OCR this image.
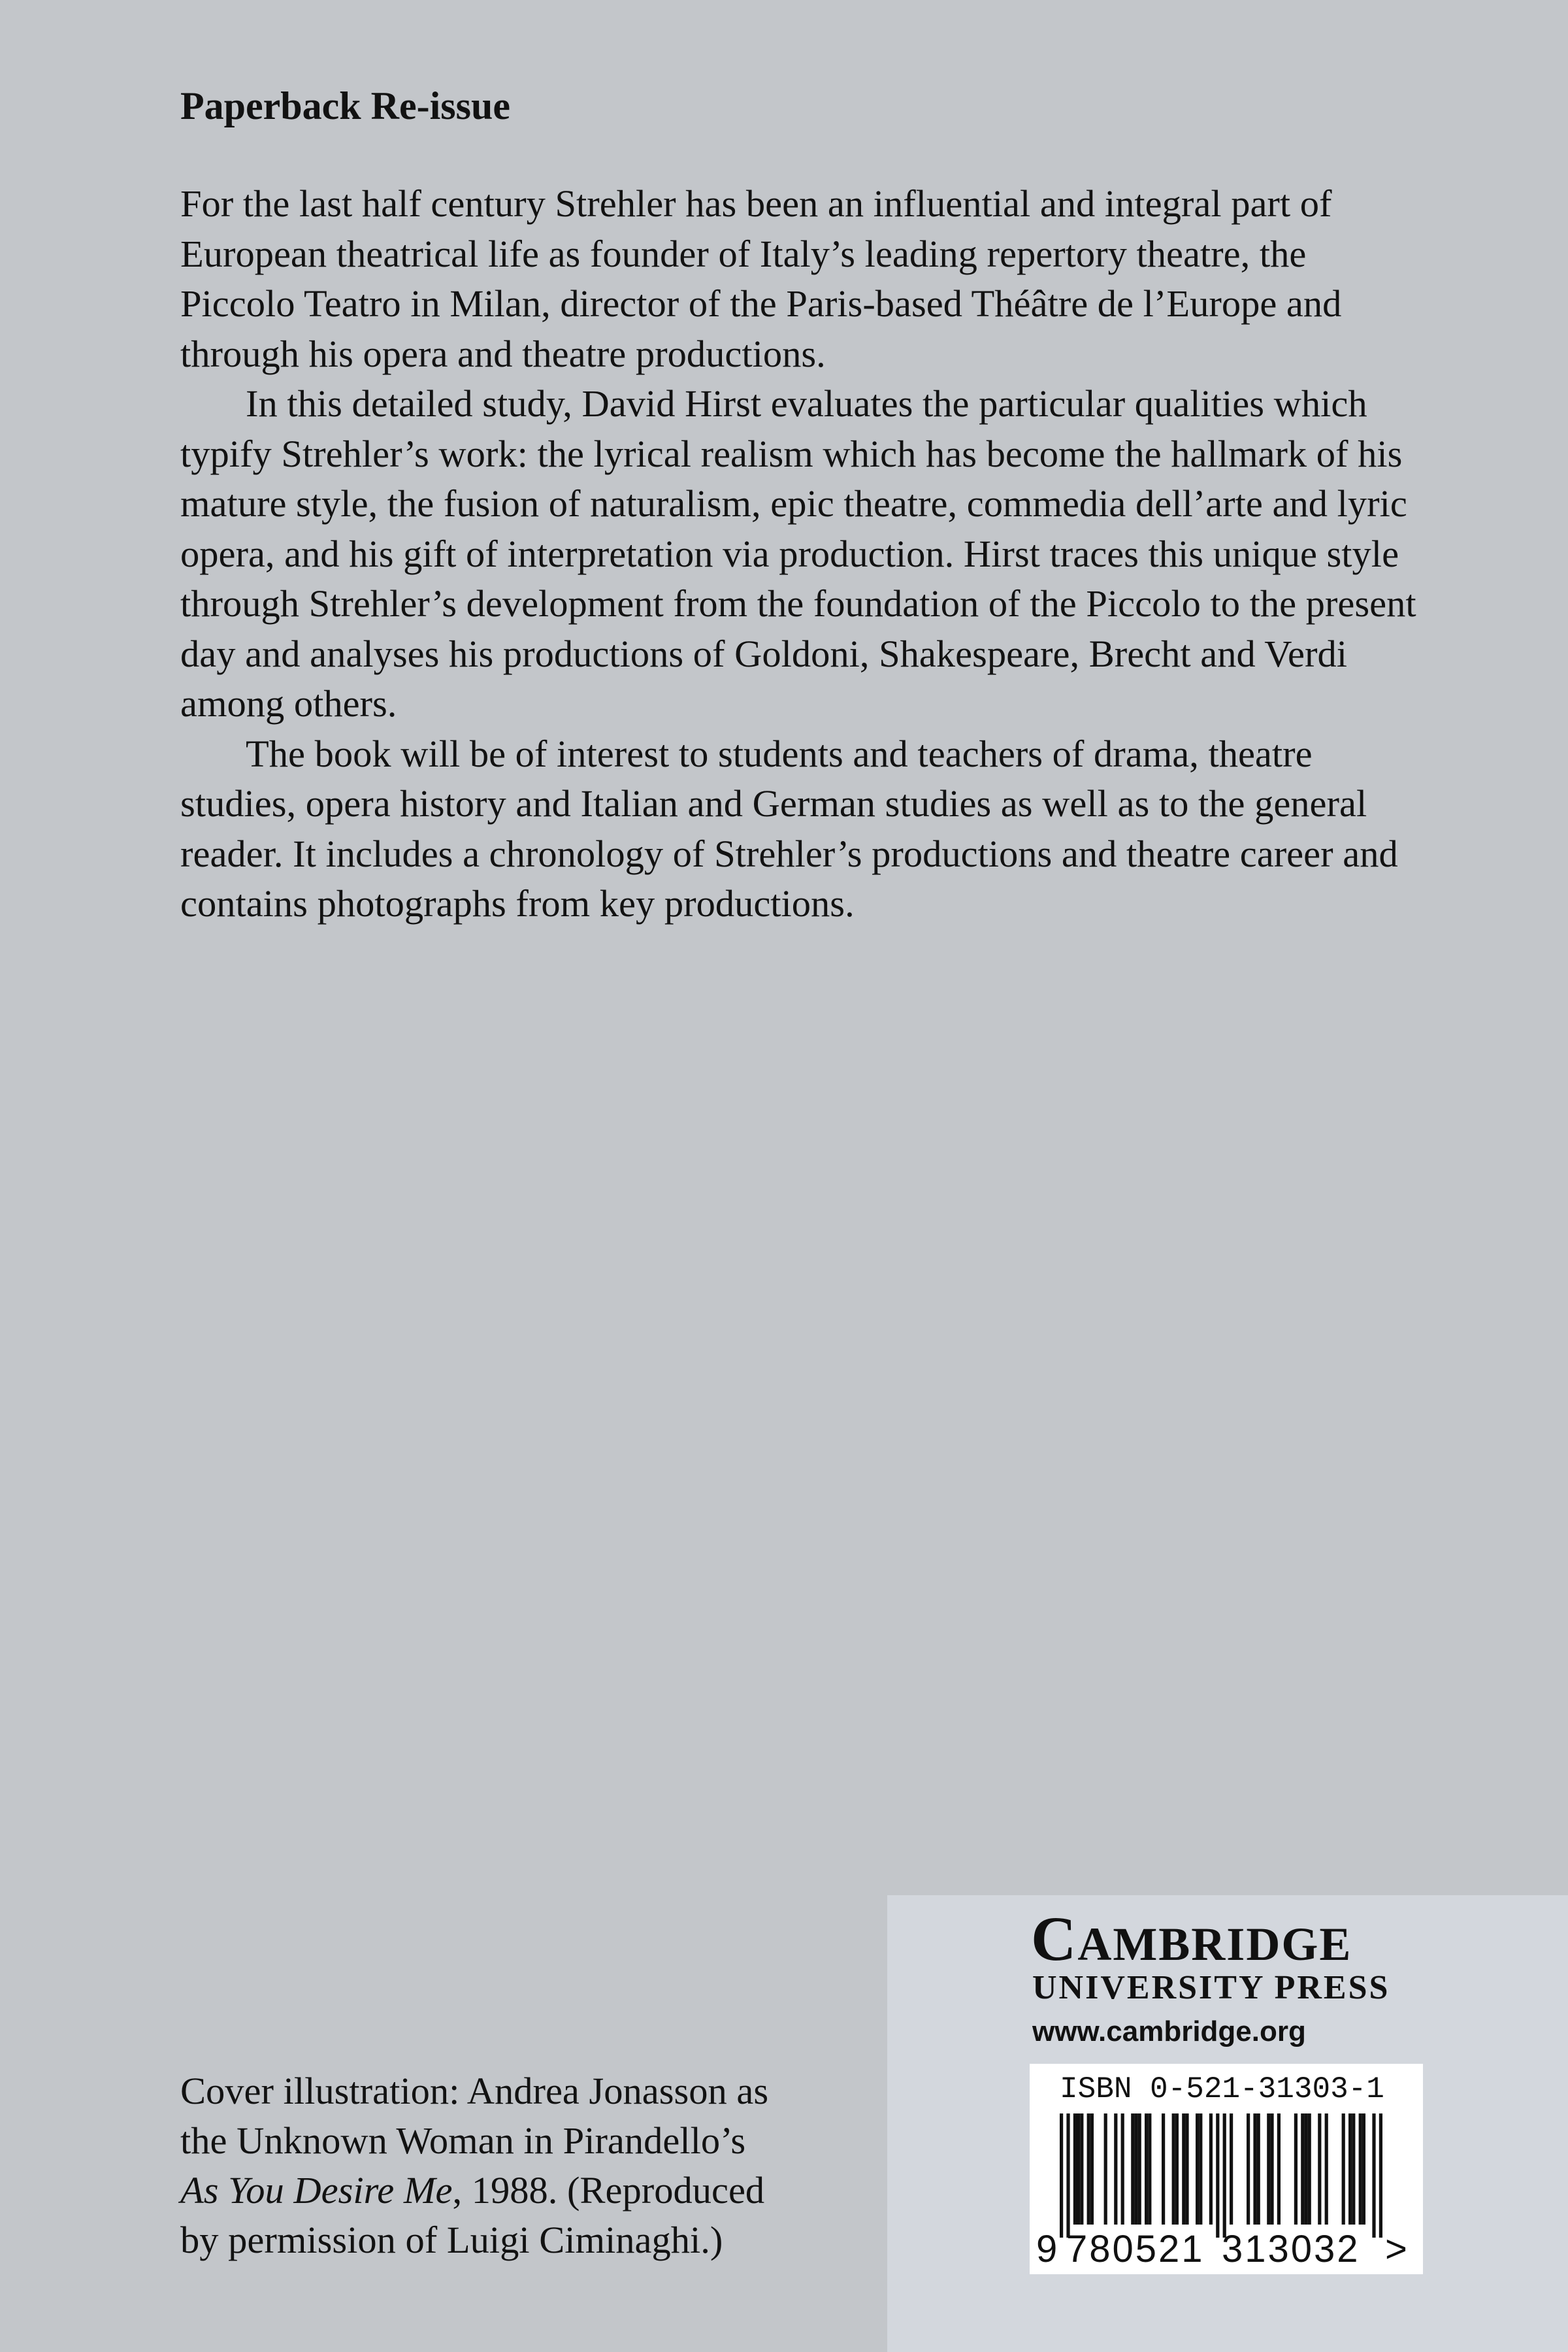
Paperback Re-issue

For the last half century Strehler has been an influential and integral part of European theatrical life as founder of Italy’s leading repertory theatre, the Piccolo Teatro in Milan, director of the Paris-based Théâtre de l’Europe and through his opera and theatre productions.

In this detailed study, David Hirst evaluates the particular qualities which typify Strehler’s work: the lyrical realism which has become the hallmark of his mature style, the fusion of naturalism, epic theatre, commedia dell’arte and lyric opera, and his gift of interpretation via production. Hirst traces this unique style through Strehler’s development from the foundation of the Piccolo to the present day and analyses his productions of Goldoni, Shakespeare, Brecht and Verdi among others.

The book will be of interest to students and teachers of drama, theatre studies, opera history and Italian and German studies as well as to the general reader. It includes a chronology of Strehler’s productions and theatre career and contains photographs from key productions.

Cover illustration: Andrea Jonasson as
the Unknown Woman in Pirandello’s
As You Desire Me, 1988. (Reproduced
by permission of Luigi Ciminaghi.)
CAMBRIDGE
UNIVERSITY PRESS
www.cambridge.org
ISBN 0-521-31303-1
9 780521 313032 >
